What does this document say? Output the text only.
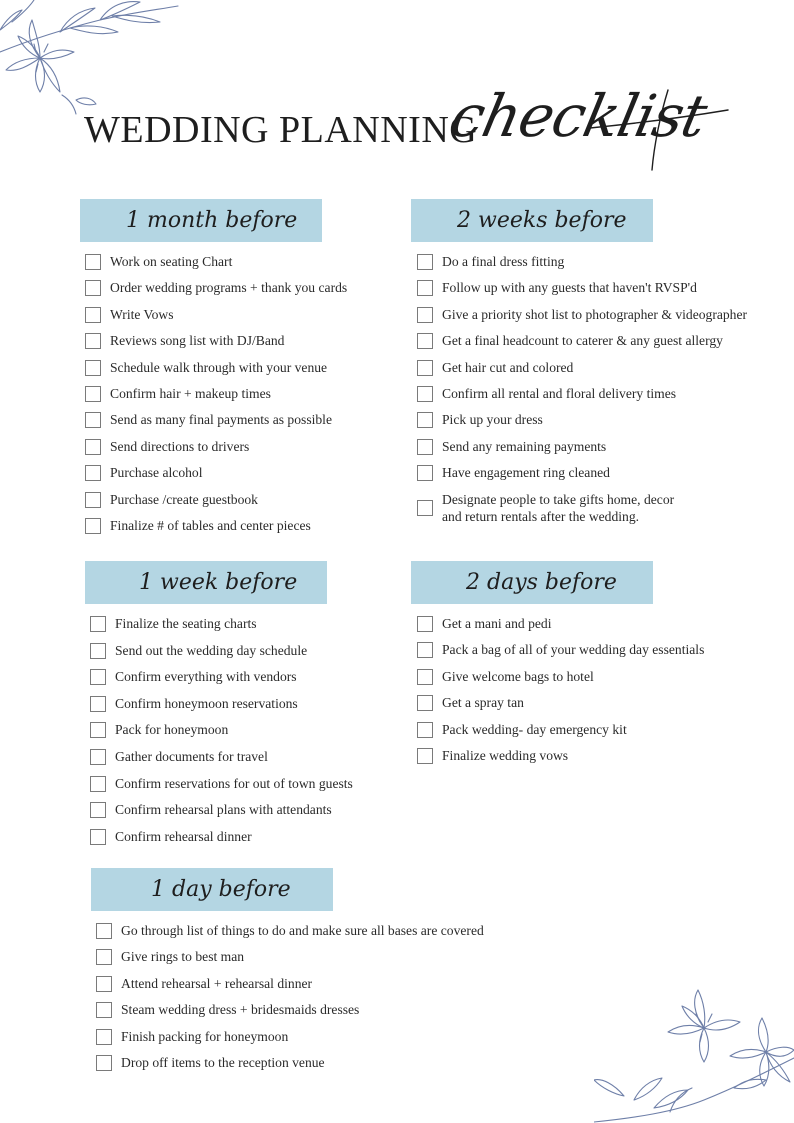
WEDDING PLANNING
checklist
1 month before
Work on seating Chart
Order wedding programs + thank you cards
Write Vows
Reviews song list with DJ/Band
Schedule walk through with your venue
Confirm hair + makeup times
Send as many final payments as possible
Send directions to drivers
Purchase alcohol
Purchase /create guestbook
Finalize # of tables and center pieces
2 weeks before
Do a final dress fitting
Follow up with any guests that haven't RVSP'd
Give a priority shot list to photographer & videographer
Get a final headcount to caterer & any guest allergy
Get hair cut and colored
Confirm all rental and floral delivery times
Pick up your dress
Send any remaining payments
Have engagement ring cleaned
Designate people to take gifts home, decor
and return rentals after the wedding.
1 week before
Finalize the seating charts
Send out the wedding day schedule
Confirm everything with vendors
Confirm honeymoon reservations
Pack for honeymoon
Gather documents for travel
Confirm reservations for out of town guests
Confirm rehearsal plans with attendants
Confirm rehearsal dinner
2 days before
Get a mani and pedi
Pack a bag of all of your wedding day essentials
Give welcome bags to hotel
Get a spray tan
Pack wedding- day emergency kit
Finalize wedding vows
1 day before
Go through list of things to do and make sure all bases are covered
Give rings to best man
Attend rehearsal + rehearsal dinner
Steam wedding dress + bridesmaids dresses
Finish packing for honeymoon
Drop off items to the reception venue
